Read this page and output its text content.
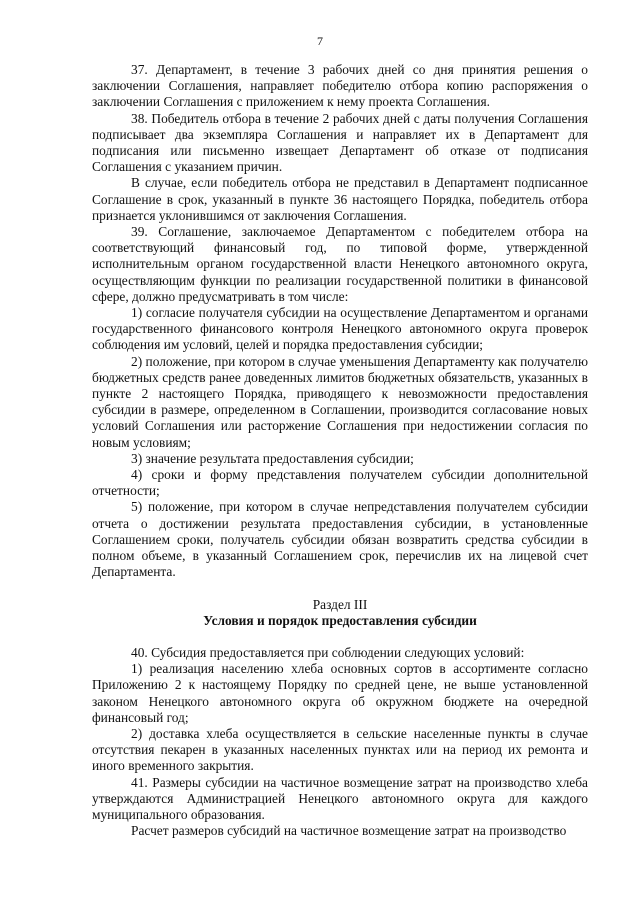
7

37. Департамент, в течение 3 рабочих дней со дня принятия решения о заключении Соглашения, направляет победителю отбора копию распоряжения о заключении Соглашения с приложением к нему проекта Соглашения.

38. Победитель отбора в течение 2 рабочих дней с даты получения Соглашения подписывает два экземпляра Соглашения и направляет их в Департамент для подписания или письменно извещает Департамент об отказе от подписания Соглашения с указанием причин.

В случае, если победитель отбора не представил в Департамент подписанное Соглашение в срок, указанный в пункте 36 настоящего Порядка, победитель отбора признается уклонившимся от заключения Соглашения.

39. Соглашение, заключаемое Департаментом с победителем отбора на соответствующий финансовый год, по типовой форме, утвержденной исполнительным органом государственной власти Ненецкого автономного округа, осуществляющим функции по реализации государственной политики в финансовой сфере, должно предусматривать в том числе:

1) согласие получателя субсидии на осуществление Департаментом и органами государственного финансового контроля Ненецкого автономного округа проверок соблюдения им условий, целей и порядка предоставления субсидии;

2) положение, при котором в случае уменьшения Департаменту как получателю бюджетных средств ранее доведенных лимитов бюджетных обязательств, указанных в пункте 2 настоящего Порядка, приводящего к невозможности предоставления субсидии в размере, определенном в Соглашении, производится согласование новых условий Соглашения или расторжение Соглашения при недостижении согласия по новым условиям;

3) значение результата предоставления субсидии;

4) сроки и форму представления получателем субсидии дополнительной отчетности;

5) положение, при котором в случае непредставления получателем субсидии отчета о достижении результата предоставления субсидии, в установленные Соглашением сроки, получатель субсидии обязан возвратить средства субсидии в полном объеме, в указанный Соглашением срок, перечислив их на лицевой счет Департамента.

Раздел III

Условия и порядок предоставления субсидии

40. Субсидия предоставляется при соблюдении следующих условий:

1) реализация населению хлеба основных сортов в ассортименте согласно Приложению 2 к настоящему Порядку по средней цене, не выше установленной законом Ненецкого автономного округа об окружном бюджете на очередной финансовый год;

2) доставка хлеба осуществляется в сельские населенные пункты в случае отсутствия пекарен в указанных населенных пунктах или на период их ремонта и иного временного закрытия.

41. Размеры субсидии на частичное возмещение затрат на производство хлеба утверждаются Администрацией Ненецкого автономного округа для каждого муниципального образования.

Расчет размеров субсидий на частичное возмещение затрат на производство
